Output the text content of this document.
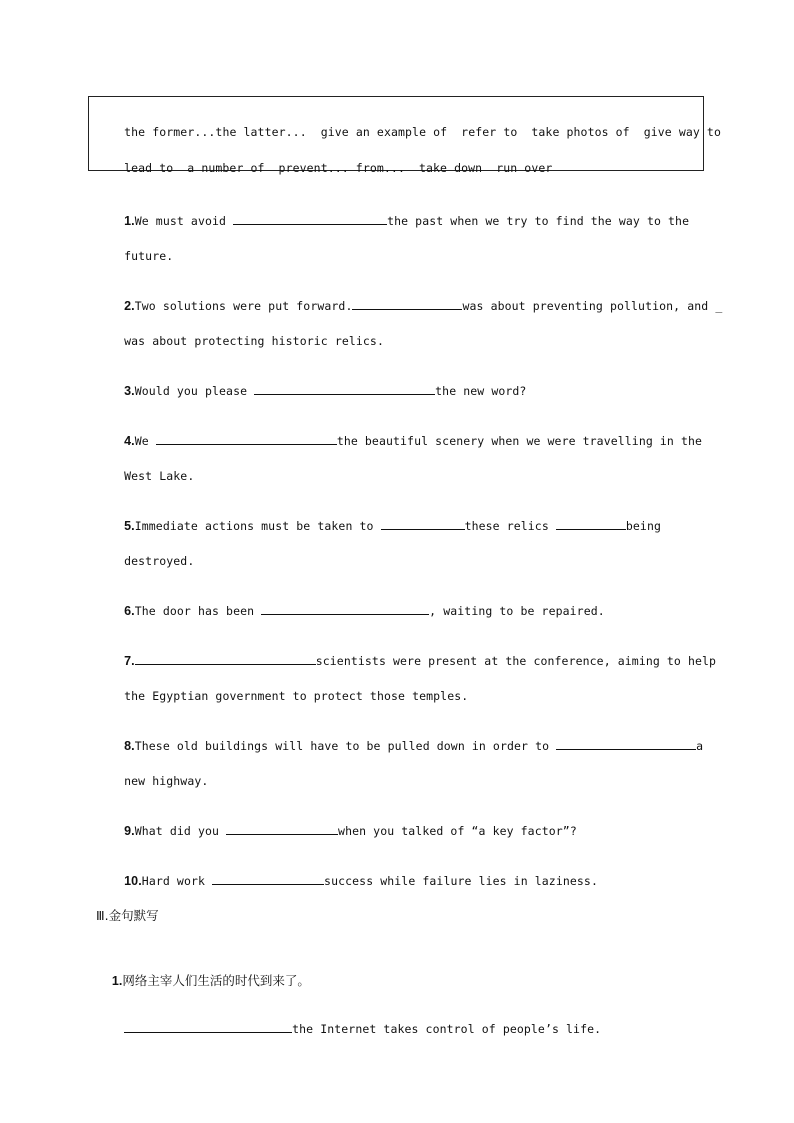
the former...the latter... give an example of refer to take photos of give way to

lead to a number of prevent... from... take down run over

1.We must avoid	the past when we try to find the way to the

future.

2.Two solutions were put forward.	was about preventing pollution, and _

was about protecting historic relics.

3.Would you please	the new word?

4.We	the beautiful scenery when we were travelling in the

West Lake.

5.Immediate actions must be taken to	these relics	being

destroyed.

6.The door has been	, waiting to be repaired.

7.	scientists were present at the conference, aiming to help

the Egyptian government to protect those temples.

8.These old buildings will have to be pulled down in order to	a

new highway.

9.What did you	when you talked of “a key factor”?

10.Hard work	success while failure lies in laziness.

Ⅲ.金句默写

1.网络主宰人们生活的时代到来了。

the Internet takes control of people’s life.
